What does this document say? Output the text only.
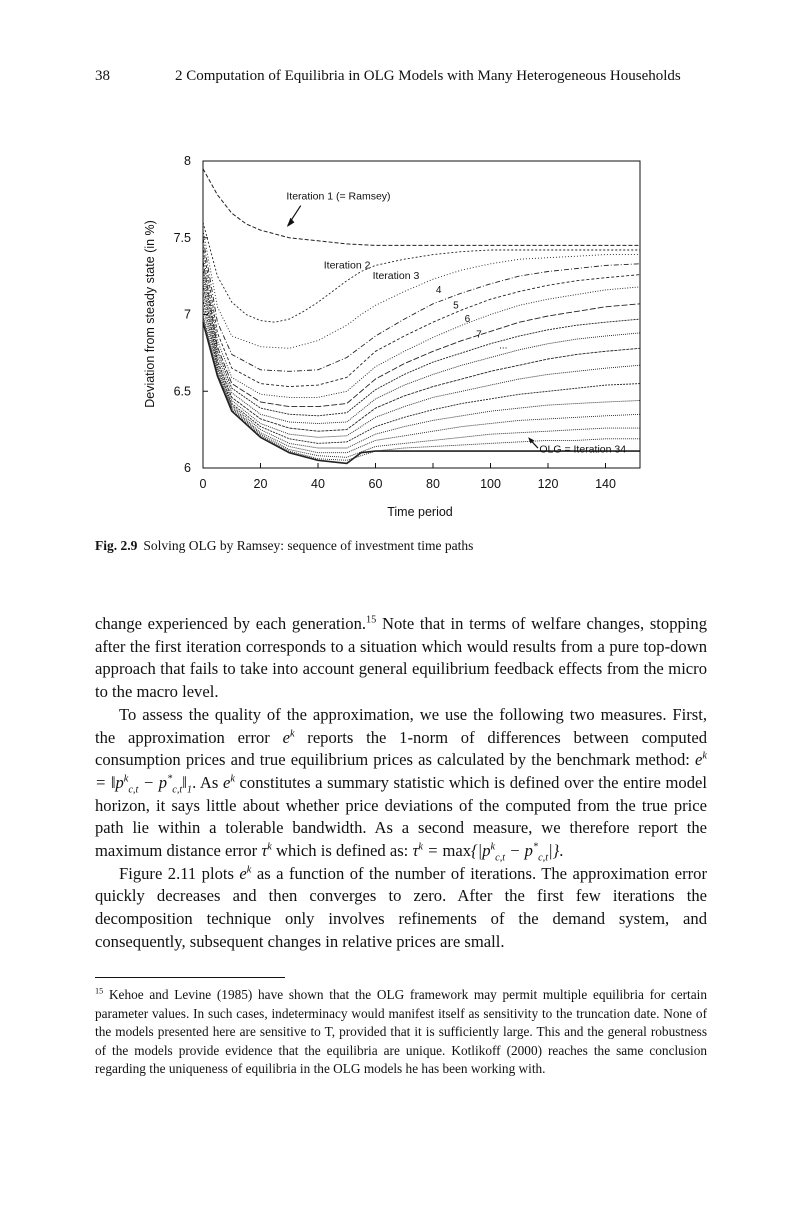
38	2 Computation of Equilibria in OLG Models with Many Heterogeneous Households
0	20	40	60	80	100	120	140
6
6.5
7
7.5
8
Time period
Deviation from steady state (in %)
Iteration 1 (= Ramsey)
Iteration 2
Iteration 3
4
5
6
7
...
OLG = Iteration 34
Fig. 2.9 Solving OLG by Ramsey: sequence of investment time paths

change experienced by each generation.$^{15}$ Note that in terms of welfare changes, stopping after the first iteration corresponds to a situation which would results from a pure top-down approach that fails to take into account general equilibrium feedback effects from the micro to the macro level.

To assess the quality of the approximation, we use the following two measures. First, the approximation error $e^k$ reports the 1-norm of differences between computed consumption prices and true equilibrium prices as calculated by the benchmark method: $e^k$ = $‖p^k_{c,t}$ − $p^*_{c,t}‖_1$. As $e^k$ constitutes a summary statistic which is defined over the entire model horizon, it says little about whether price deviations of the computed from the true price path lie within a tolerable bandwidth. As a second measure, we therefore report the maximum distance error $\tau^k$ which is defined as: $\tau^k = \max\{|p^k_{c,t} - p^*_{c,t}|\}$.

Figure 2.11 plots $e^k$ as a function of the number of iterations. The approximation error quickly decreases and then converges to zero. After the first few iterations the decomposition technique only involves refinements of the demand system, and consequently, subsequent changes in relative prices are small.

$^{15}$ Kehoe and Levine (1985) have shown that the OLG framework may permit multiple equilibria for certain parameter values. In such cases, indeterminacy would manifest itself as sensitivity to the truncation date. None of the models presented here are sensitive to T, provided that it is sufficiently large. This and the general robustness of the models provide evidence that the equilibria are unique. Kotlikoff (2000) reaches the same conclusion regarding the uniqueness of equilibria in the OLG models he has been working with.
